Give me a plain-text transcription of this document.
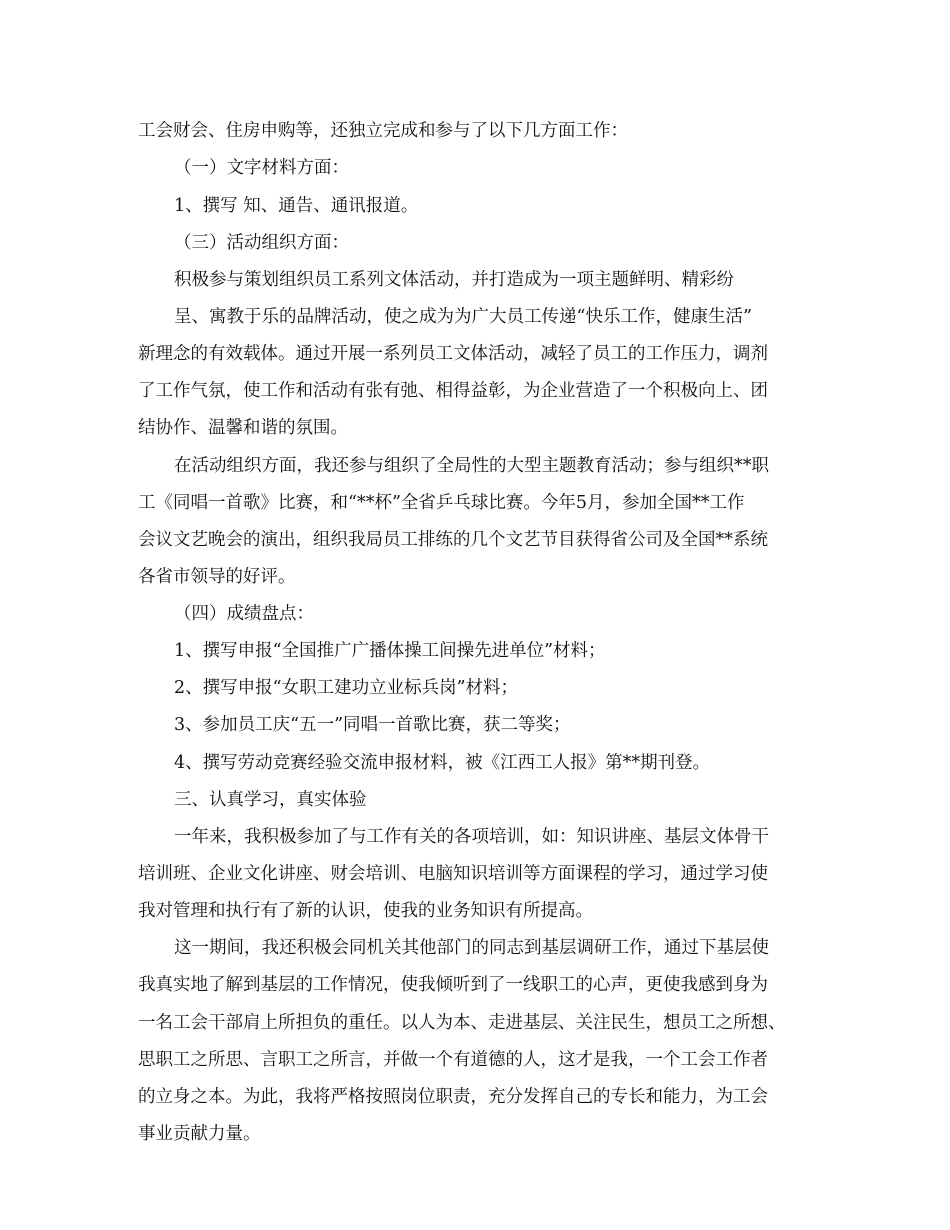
工会财会、住房申购等，还独立完成和参与了以下几方面工作：
（一）文字材料方面：
1、撰写 知、通告、通讯报道。
（三）活动组织方面：
积极参与策划组织员工系列文体活动，并打造成为一项主题鲜明、精彩纷
呈、寓教于乐的品牌活动，使之成为为广大员工传递“快乐工作，健康生活”
新理念的有效载体。通过开展一系列员工文体活动，减轻了员工的工作压力，调剂
了工作气氛，使工作和活动有张有弛、相得益彰，为企业营造了一个积极向上、团
结协作、温馨和谐的氛围。
在活动组织方面，我还参与组织了全局性的大型主题教育活动；参与组织**职
工《同唱一首歌》比赛，和“**杯”全省乒乓球比赛。今年5月，参加全国**工作
会议文艺晚会的演出，组织我局员工排练的几个文艺节目获得省公司及全国**系统
各省市领导的好评。
（四）成绩盘点：
1、撰写申报“全国推广广播体操工间操先进单位”材料；
2、撰写申报“女职工建功立业标兵岗”材料；
3、参加员工庆“五一”同唱一首歌比赛，获二等奖；
4、撰写劳动竞赛经验交流申报材料，被《江西工人报》第**期刊登。
三、认真学习，真实体验
一年来，我积极参加了与工作有关的各项培训，如：知识讲座、基层文体骨干
培训班、企业文化讲座、财会培训、电脑知识培训等方面课程的学习，通过学习使
我对管理和执行有了新的认识，使我的业务知识有所提高。
这一期间，我还积极会同机关其他部门的同志到基层调研工作，通过下基层使
我真实地了解到基层的工作情况，使我倾听到了一线职工的心声，更使我感到身为
一名工会干部肩上所担负的重任。以人为本、走进基层、关注民生，想员工之所想、
思职工之所思、言职工之所言，并做一个有道德的人，这才是我，一个工会工作者
的立身之本。为此，我将严格按照岗位职责，充分发挥自己的专长和能力，为工会
事业贡献力量。
